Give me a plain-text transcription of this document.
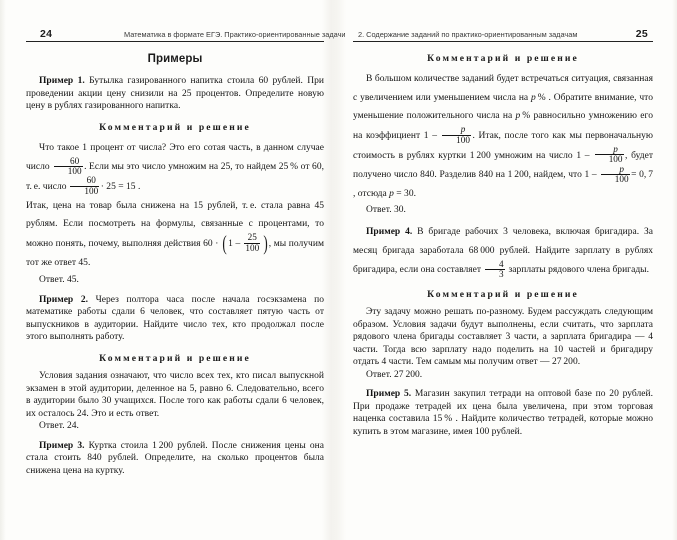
24	Математика в формате ЕГЭ. Практико-ориентированные задачи
Примеры

Пример 1. Бутылка газированного напитка стоила 60 рублей. При проведении акции цену снизили на 25 процентов. Определите новую цену в рублях газированного напитка.

Комментарий и решение

Что такое 1 процент от числа? Это его сотая часть, в данном случае число $\frac{60}{100}$ . Если мы это число умножим на 25, то найдем 25 % от 60, т. е. число $\frac{60}{100} \cdot 25 = 15$ .

Итак, цена на товар была снижена на 15 рублей, т. е. стала равна 45 рублям. Если посмотреть на формулы, связанные с процентами, то можно понять, почему, выполняя действия $60 \cdot (1 - \frac{25}{100}$ ), мы получим тот же ответ 45.

Ответ. 45.

Пример 2. Через полтора часа после начала госэкзамена по математике работы сдали 6 человек, что составляет пятую часть от выпускников в аудитории. Найдите число тех, кто продолжал после этого выполнять работу.

Комментарий и решение

Условия задания означают, что число всех тех, кто писал выпускной экзамен в этой аудитории, деленное на 5, равно 6. Следовательно, всего в аудитории было 30 учащихся. После того как работы сдали 6 человек, их осталось 24. Это и есть ответ.

Ответ. 24.

Пример 3. Куртка стоила 1 200 рублей. После снижения цены она стала стоить 840 рублей. Определите, на сколько процентов была снижена цена на куртку.

2. Содержание заданий по практико-ориентированным задачам	25
Комментарий и решение

В большом количестве заданий будет встречаться ситуация, связанная с увеличением или уменьшением числа на p % . Обратите внимание, что уменьшение положительного числа на p % равносильно умножению его на коэффициент $1 - \frac{p}{100}$ . Итак, после того как мы первоначальную стоимость в рублях куртки 1 200 умножим на число $1 - \frac{p}{100}$ , будет получено число 840. Разделив 840 на 1 200, найдем, что $1 - \frac{p}{100} = 0$, 7 , отсюда p = 30.

Ответ. 30.

Пример 4. В бригаде рабочих 3 человека, включая бригадира. За месяц бригада заработала 68 000 рублей. Найдите зарплату в рублях бригадира, если она составляет $\frac{4}{3}$ зарплаты рядового члена бригады.

Комментарий и решение

Эту задачу можно решать по-разному. Будем рассуждать следующим образом. Условия задачи будут выполнены, если считать, что зарплата рядового члена бригады составляет 3 части, а зарплата бригадира — 4 части. Тогда всю зарплату надо поделить на 10 частей и бригадиру отдать 4 части. Тем самым мы получим ответ — 27 200.

Ответ. 27 200.

Пример 5. Магазин закупил тетради на оптовой базе по 20 рублей. При продаже тетрадей их цена была увеличена, при этом торговая наценка составила 15 % . Найдите количество тетрадей, которые можно купить в этом магазине, имея 100 рублей.
